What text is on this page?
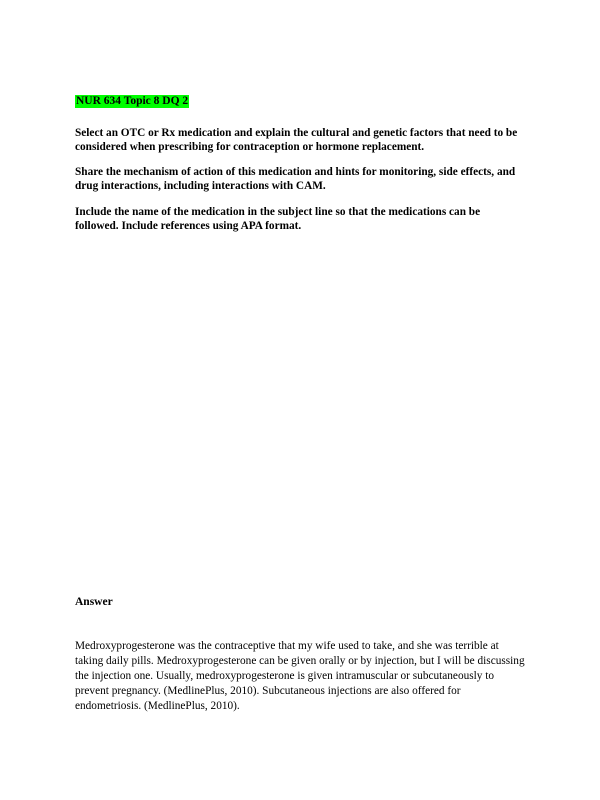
NUR 634 Topic 8 DQ 2

Select an OTC or Rx medication and explain the cultural and genetic factors that need to be considered when prescribing for contraception or hormone replacement.

Share the mechanism of action of this medication and hints for monitoring, side effects, and drug interactions, including interactions with CAM.

Include the name of the medication in the subject line so that the medications can be followed. Include references using APA format.

Answer

Medroxyprogesterone was the contraceptive that my wife used to take, and she was terrible at taking daily pills. Medroxyprogesterone can be given orally or by injection, but I will be discussing the injection one. Usually, medroxyprogesterone is given intramuscular or subcutaneously to prevent pregnancy. (MedlinePlus, 2010). Subcutaneous injections are also offered for endometriosis. (MedlinePlus, 2010).
